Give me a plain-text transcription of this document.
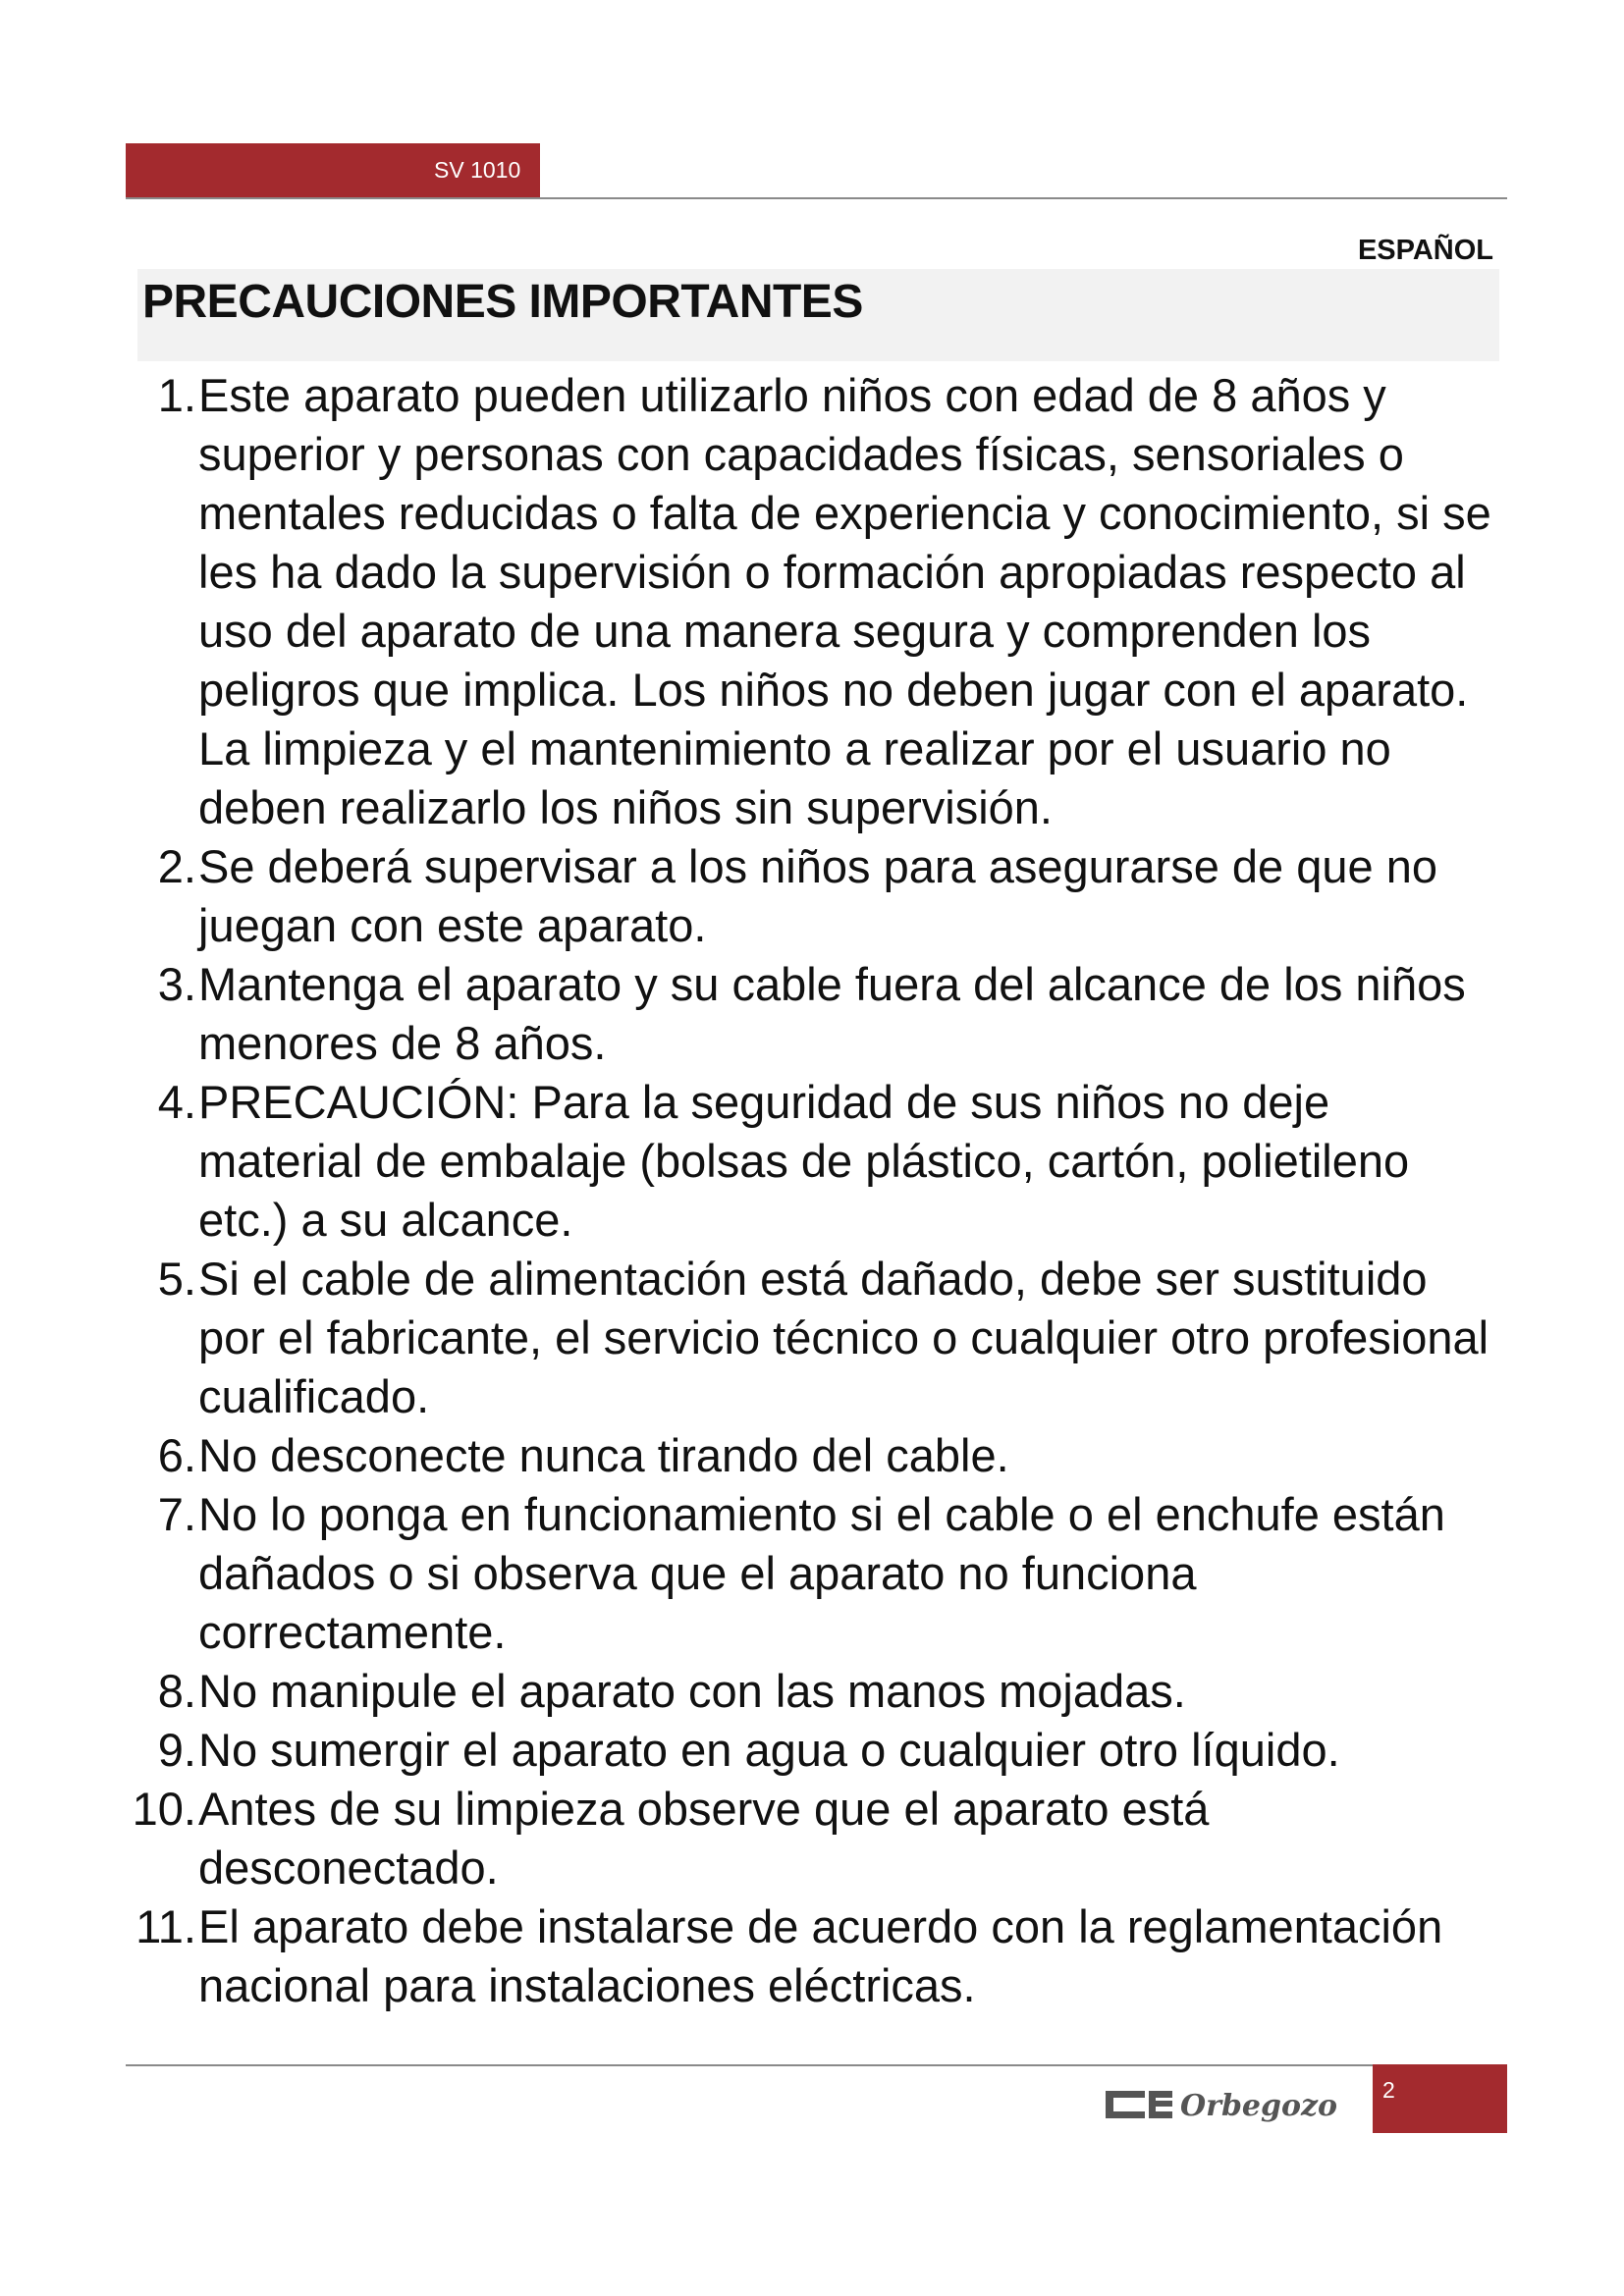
SV 1010
ESPAÑOL
PRECAUCIONES IMPORTANTES
1. Este aparato pueden utilizarlo niños con edad de 8 años y superior y personas con capacidades físicas, sensoriales o mentales reducidas o falta de experiencia y conocimiento, si se les ha dado la supervisión o formación apropiadas respecto al uso del aparato de una manera segura y comprenden los peligros que implica. Los niños no deben jugar con el aparato. La limpieza y el mantenimiento a realizar por el usuario no deben realizarlo los niños sin supervisión.
2. Se deberá supervisar a los niños para asegurarse de que no juegan con este aparato.
3. Mantenga el aparato y su cable fuera del alcance de los niños menores de 8 años.
4. PRECAUCIÓN: Para la seguridad de sus niños no deje material de embalaje (bolsas de plástico, cartón, polietileno etc.) a su alcance.
5. Si el cable de alimentación está dañado, debe ser sustituido por el fabricante, el servicio técnico o cualquier otro profesional cualificado.
6. No desconecte nunca tirando del cable.
7. No lo ponga en funcionamiento si el cable o el enchufe están dañados o si observa que el aparato no funciona correctamente.
8. No manipule el aparato con las manos mojadas.
9. No sumergir el aparato en agua o cualquier otro líquido.
10. Antes de su limpieza observe que el aparato está desconectado.
11. El aparato debe instalarse de acuerdo con la reglamentación nacional para instalaciones eléctricas.
Orbegozo 2
